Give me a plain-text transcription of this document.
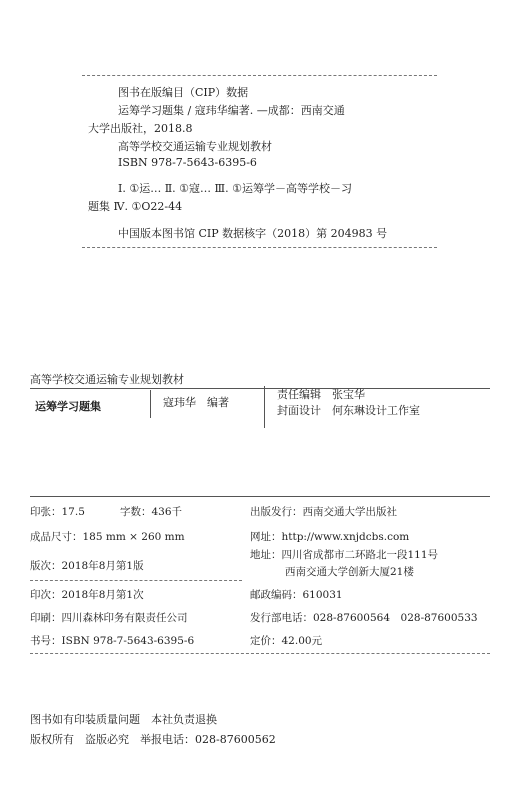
图书在版编目（CIP）数据
运筹学习题集 / 寇玮华编著. —成都：西南交通
大学出版社，2018.8
高等学校交通运输专业规划教材
ISBN 978-7-5643-6395-6
Ⅰ. ①运… Ⅱ. ①寇… Ⅲ. ①运筹学－高等学校－习
题集 Ⅳ. ①O22-44
中国版本图书馆 CIP 数据核字（2018）第 204983 号
高等学校交通运输专业规划教材
运筹学习题集	寇玮华　编著
责任编辑　张宝华
封面设计　何东琳设计工作室
印张：17.5	字数：436千
成品尺寸：185 mm × 260 mm
版次：2018年8月第1版
印次：2018年8月第1次
印刷：四川森林印务有限责任公司
书号：ISBN 978-7-5643-6395-6
出版发行：西南交通大学出版社
网址：http://www.xnjdcbs.com
地址：四川省成都市二环路北一段111号
西南交通大学创新大厦21楼
邮政编码：610031
发行部电话：028-87600564　028-87600533
定价：42.00元
图书如有印装质量问题　本社负责退换
版权所有　盗版必究　举报电话：028-87600562
